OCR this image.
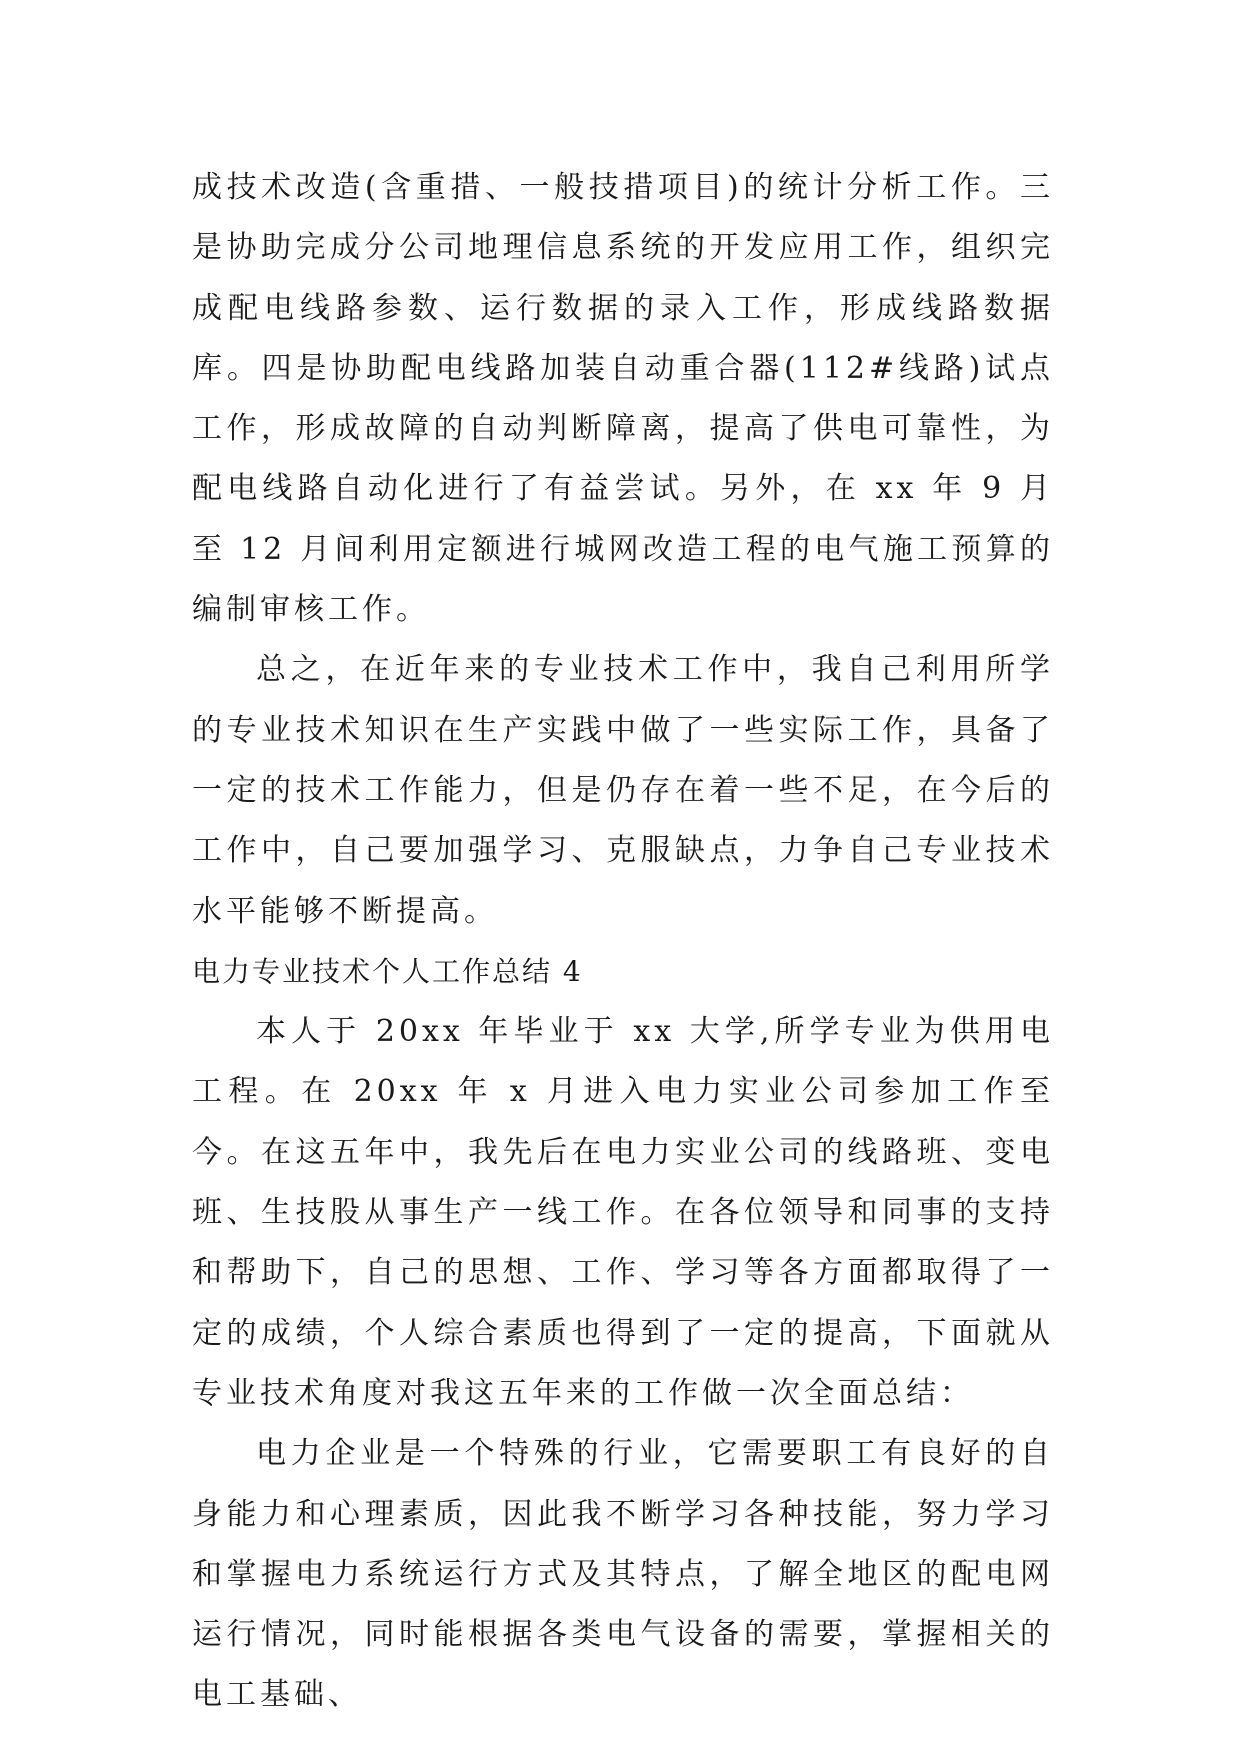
成技术改造(含重措、一般技措项目)的统计分析工作。三是协助完成分公司地理信息系统的开发应用工作，组织完成配电线路参数、运行数据的录入工作，形成线路数据库。四是协助配电线路加装自动重合器(112#线路)试点工作，形成故障的自动判断障离，提高了供电可靠性，为配电线路自动化进行了有益尝试。另外，在 xx 年 9 月至 12 月间利用定额进行城网改造工程的电气施工预算的编制审核工作。

总之，在近年来的专业技术工作中，我自己利用所学的专业技术知识在生产实践中做了一些实际工作，具备了一定的技术工作能力，但是仍存在着一些不足，在今后的工作中，自己要加强学习、克服缺点，力争自己专业技术水平能够不断提高。

电力专业技术个人工作总结 4

本人于 20xx 年毕业于 xx 大学,所学专业为供用电工程。在 20xx 年 x 月进入电力实业公司参加工作至今。在这五年中，我先后在电力实业公司的线路班、变电班、生技股从事生产一线工作。在各位领导和同事的支持和帮助下，自己的思想、工作、学习等各方面都取得了一定的成绩，个人综合素质也得到了一定的提高，下面就从专业技术角度对我这五年来的工作做一次全面总结：

电力企业是一个特殊的行业，它需要职工有良好的自身能力和心理素质，因此我不断学习各种技能，努力学习和掌握电力系统运行方式及其特点，了解全地区的配电网运行情况，同时能根据各类电气设备的需要，掌握相关的电工基础、
